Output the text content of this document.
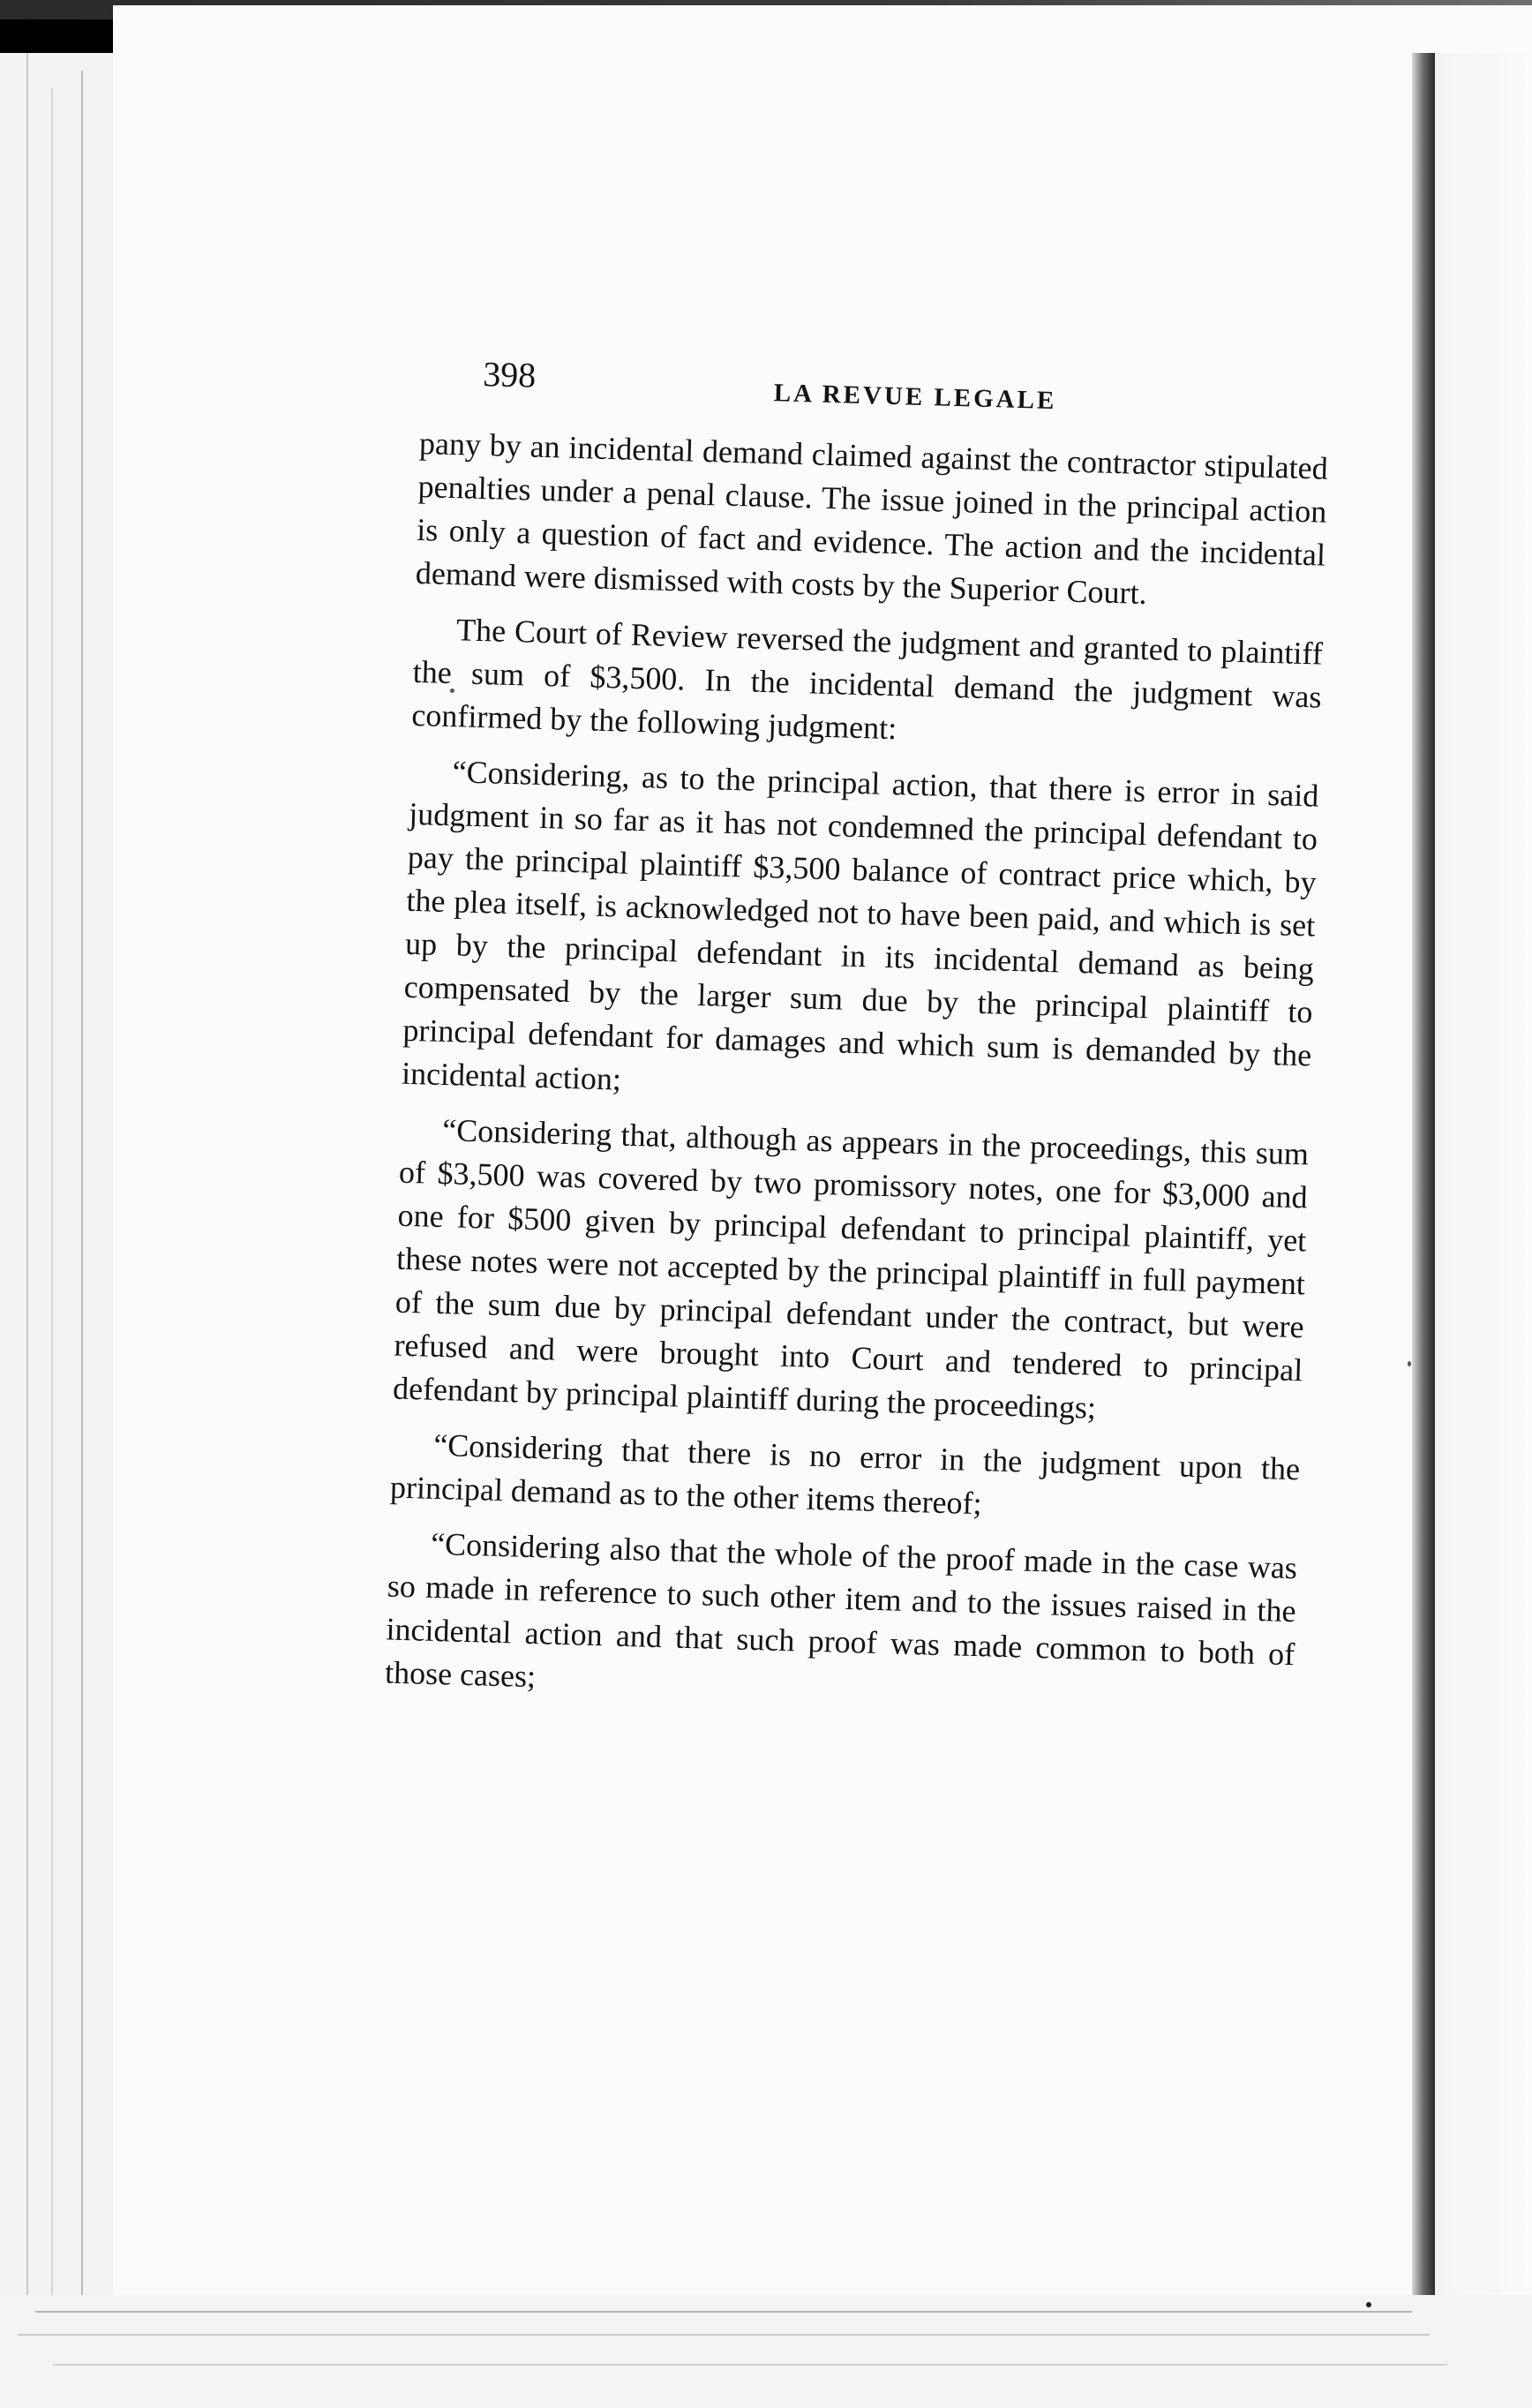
398
LA REVUE LEGALE

pany by an incidental demand claimed against the contractor stipulated penalties under a penal clause. The issue joined in the principal action is only a question of fact and evidence. The action and the incidental demand were dismissed with costs by the Superior Court.

The Court of Review reversed the judgment and granted to plaintiff the sum of $3,500. In the incidental demand the judgment was confirmed by the following judgment:

“Considering, as to the principal action, that there is error in said judgment in so far as it has not condemned the principal defendant to pay the principal plaintiff $3,500 balance of contract price which, by the plea itself, is acknowledged not to have been paid, and which is set up by the principal defendant in its incidental demand as being compensated by the larger sum due by the principal plaintiff to principal defendant for damages and which sum is demanded by the incidental action;

“Considering that, although as appears in the proceedings, this sum of $3,500 was covered by two promissory notes, one for $3,000 and one for $500 given by principal defendant to principal plaintiff, yet these notes were not accepted by the principal plaintiff in full payment of the sum due by principal defendant under the contract, but were refused and were brought into Court and tendered to principal defendant by principal plaintiff during the proceedings;

“Considering that there is no error in the judgment upon the principal demand as to the other items thereof;

“Considering also that the whole of the proof made in the case was so made in reference to such other item and to the issues raised in the incidental action and that such proof was made common to both of those cases;
